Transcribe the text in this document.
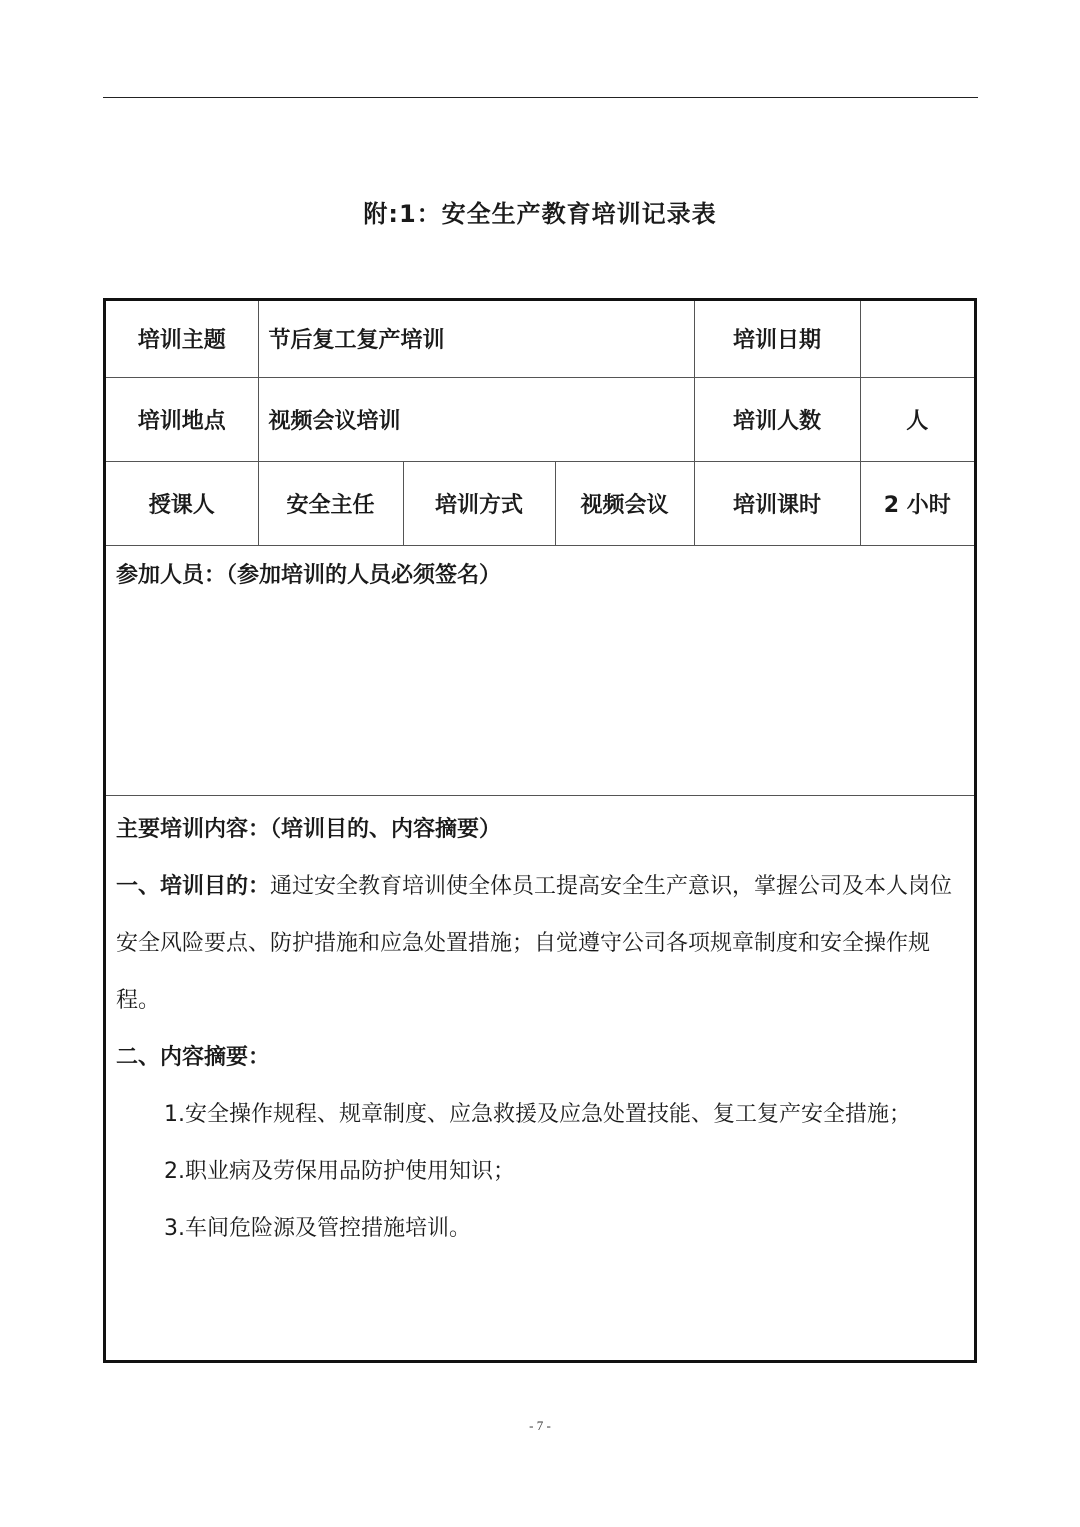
附:1：安全生产教育培训记录表
培训主题	节后复工复产培训			培训日期	
培训地点	视频会议培训			培训人数	人
授课人	安全主任	培训方式	视频会议	培训课时	2 小时
参加人员：（参加培训的人员必须签名）

主要培训内容：（培训目的、内容摘要）

一、培训目的：通过安全教育培训使全体员工提高安全生产意识，掌握公司及本人岗位安全风险要点、防护措施和应急处置措施；自觉遵守公司各项规章制度和安全操作规程。

二、内容摘要：

1.安全操作规程、规章制度、应急救援及应急处置技能、复工复产安全措施；

2.职业病及劳保用品防护使用知识；

3.车间危险源及管控措施培训。

- 7 -
